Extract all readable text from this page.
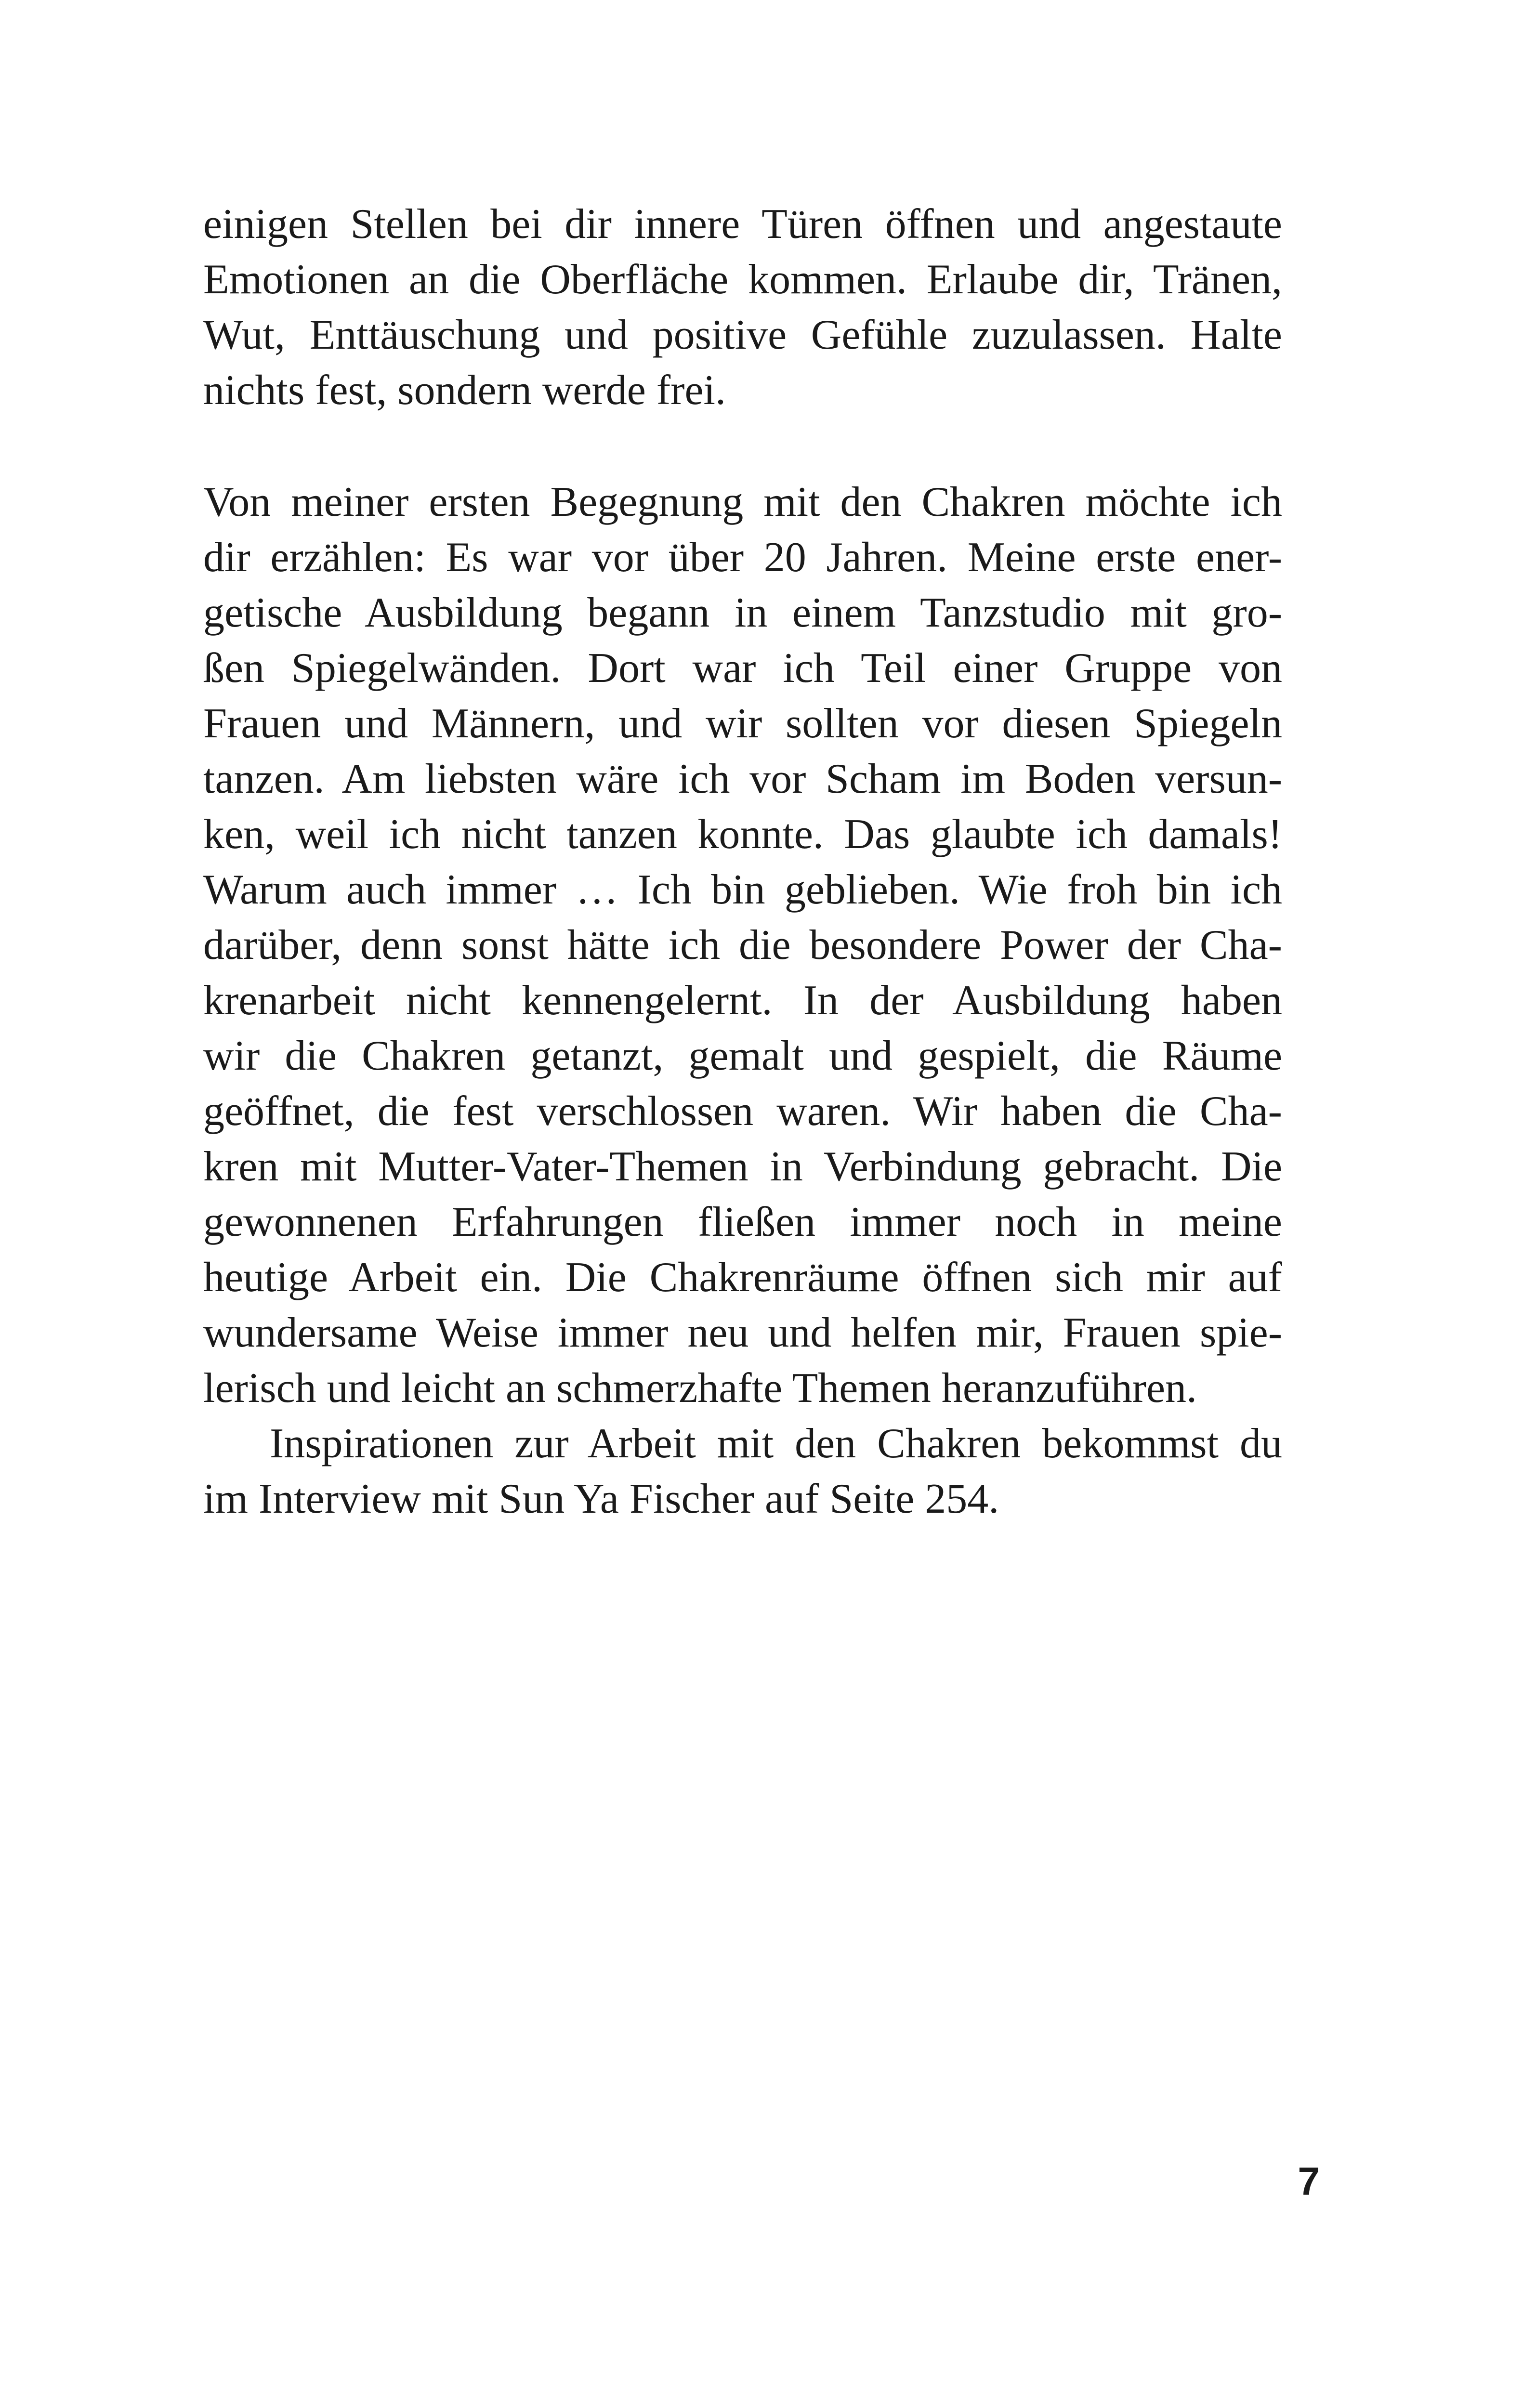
einigen Stellen bei dir innere Türen öffnen und angestaute
Emotionen an die Oberfläche kommen. Erlaube dir, Tränen,
Wut, Enttäuschung und positive Gefühle zuzulassen. Halte
nichts fest, sondern werde frei.
Von meiner ersten Begegnung mit den Chakren möchte ich
dir erzählen: Es war vor über 20 Jahren. Meine erste ener-
getische Ausbildung begann in einem Tanzstudio mit gro-
ßen Spiegelwänden. Dort war ich Teil einer Gruppe von
Frauen und Männern, und wir sollten vor diesen Spiegeln
tanzen. Am liebsten wäre ich vor Scham im Boden versun-
ken, weil ich nicht tanzen konnte. Das glaubte ich damals!
Warum auch immer … Ich bin geblieben. Wie froh bin ich
darüber, denn sonst hätte ich die besondere Power der Cha-
krenarbeit nicht kennengelernt. In der Ausbildung haben
wir die Chakren getanzt, gemalt und gespielt, die Räume
geöffnet, die fest verschlossen waren. Wir haben die Cha-
kren mit Mutter-Vater-Themen in Verbindung gebracht. Die
gewonnenen Erfahrungen fließen immer noch in meine
heutige Arbeit ein. Die Chakrenräume öffnen sich mir auf
wundersame Weise immer neu und helfen mir, Frauen spie-
lerisch und leicht an schmerzhafte Themen heranzuführen.
Inspirationen zur Arbeit mit den Chakren bekommst du
im Interview mit Sun Ya Fischer auf Seite 254.
7
